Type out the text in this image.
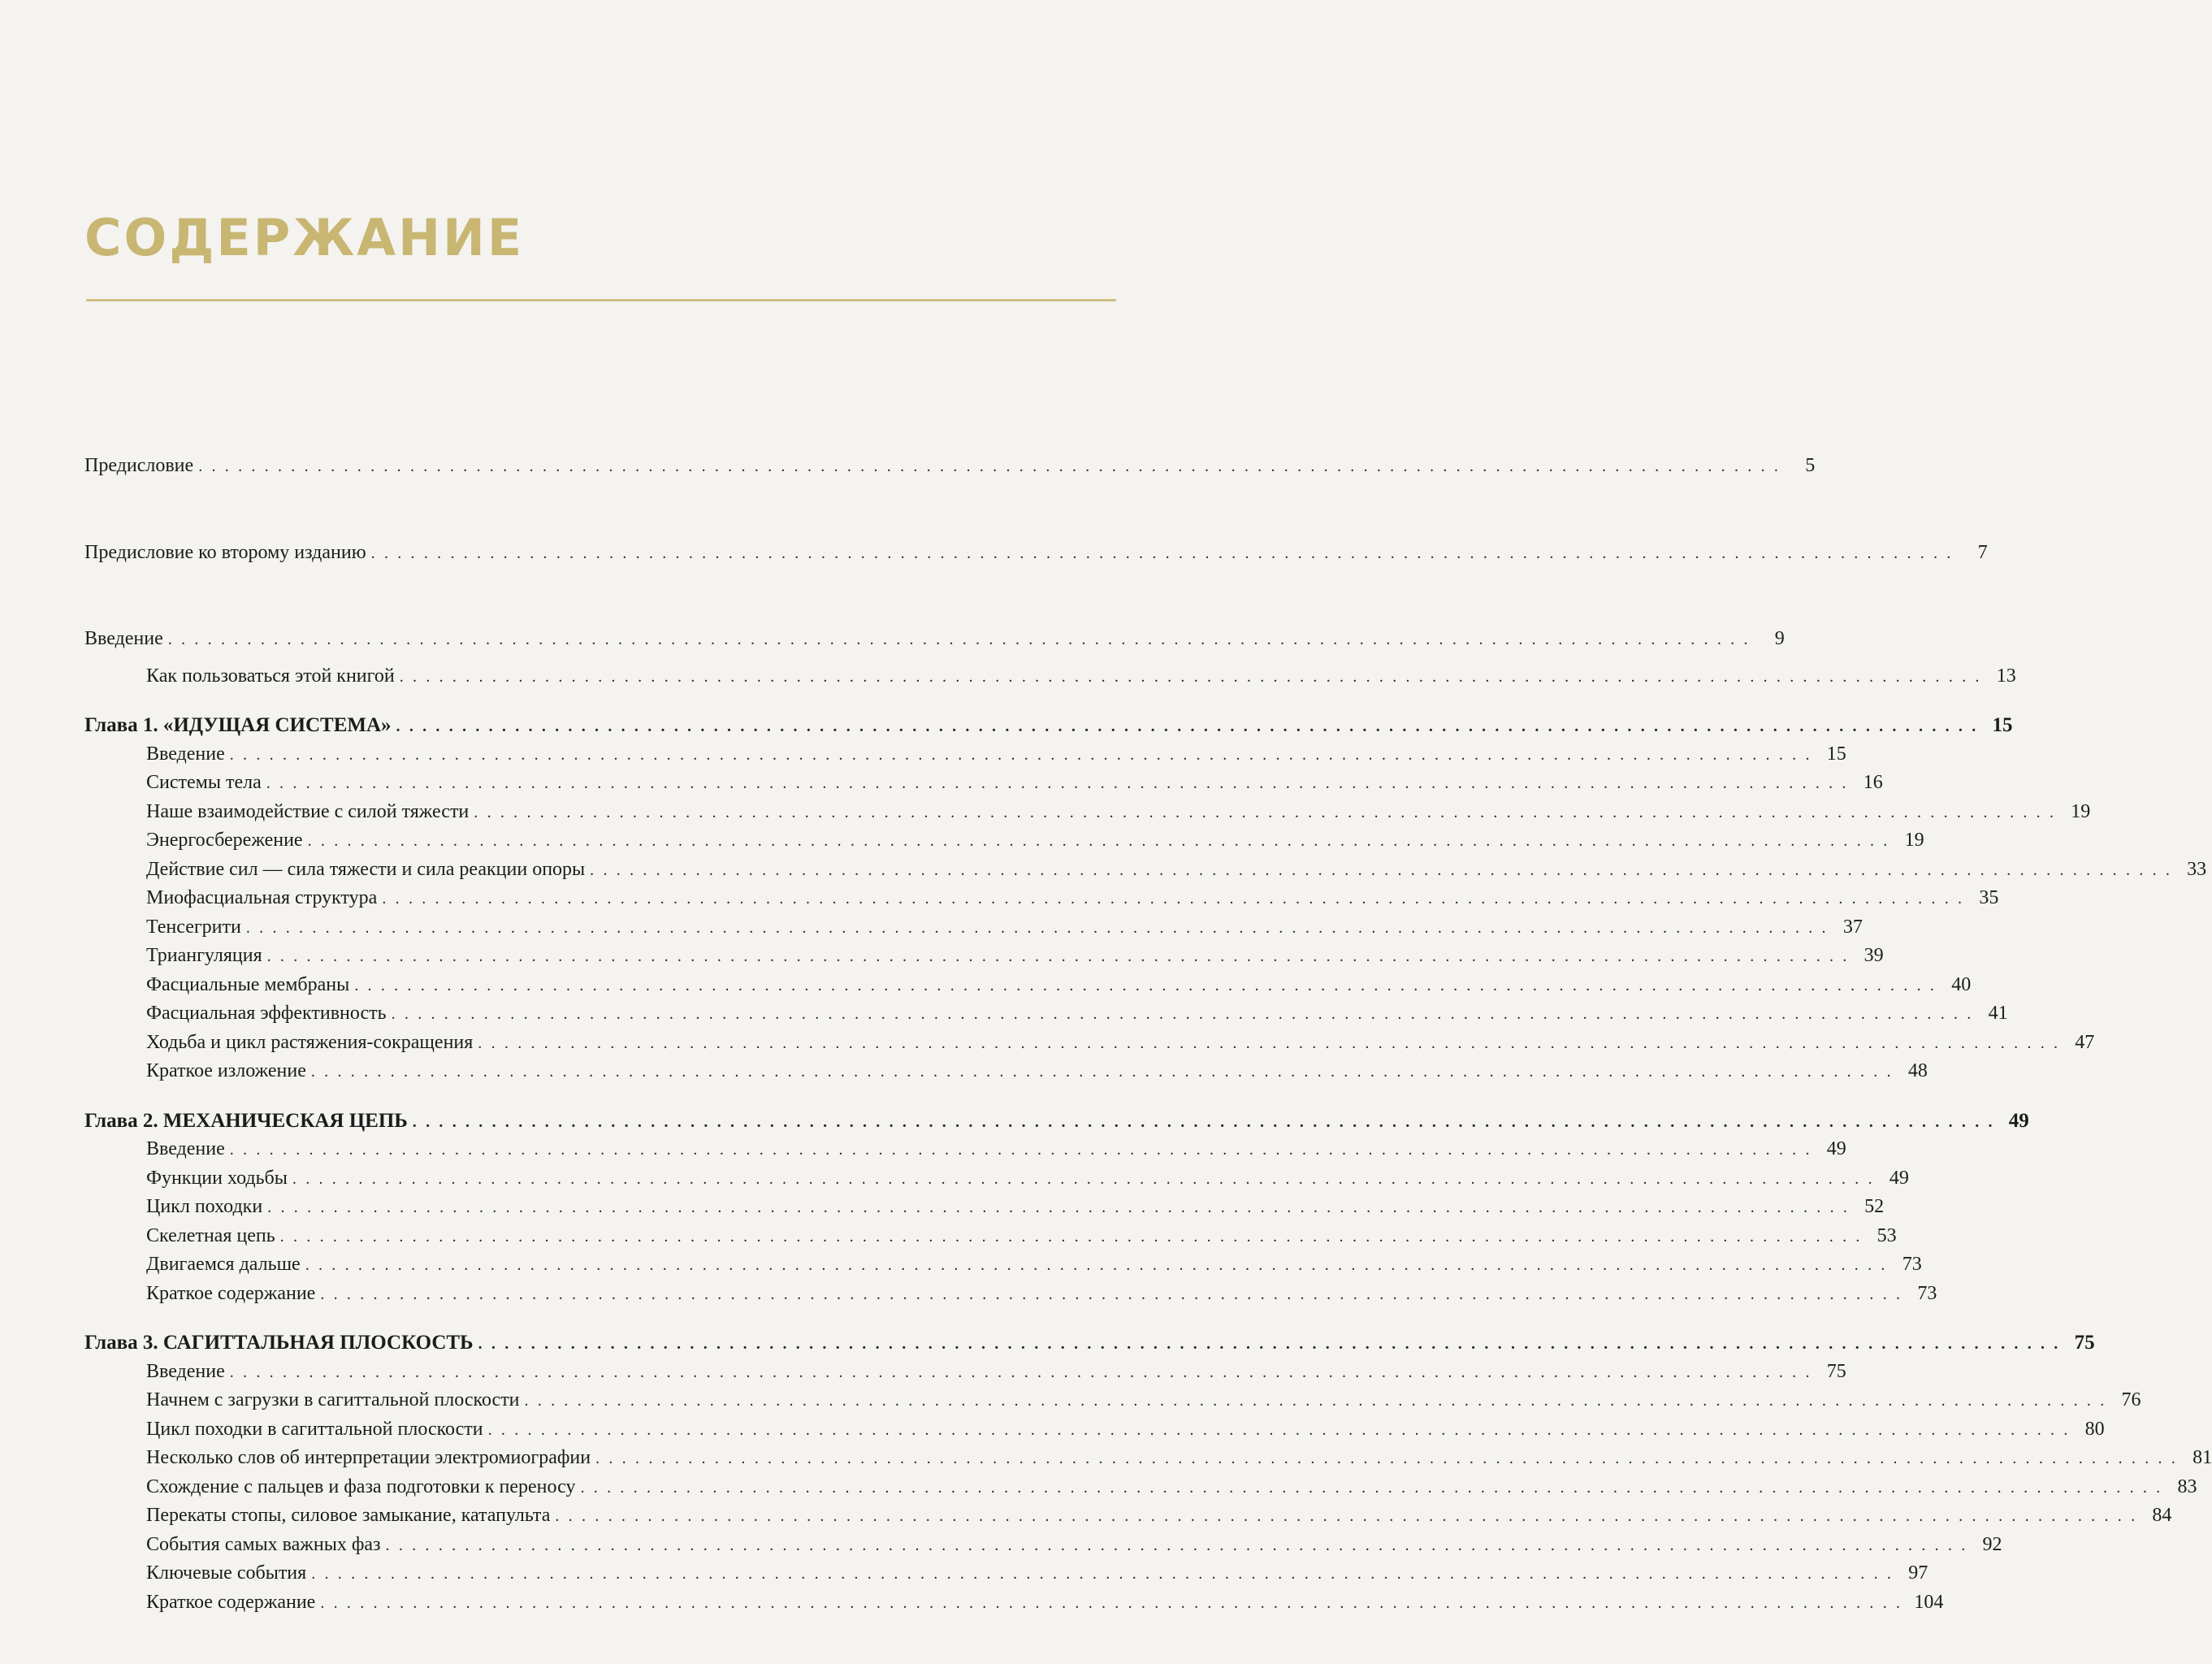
СОДЕРЖАНИЕ
Предисловие ........................................................................................................................ 5
Предисловие ко второму изданию ........................................................................................................................ 7
Введение ........................................................................................................................ 9
Как пользоваться этой книгой ........................................................................................................................ 13
Глава 1. «ИДУЩАЯ СИСТЕМА» ........................................................................................................................ 15
Введение ........................................................................................................................ 15
Системы тела ........................................................................................................................ 16
Наше взаимодействие с силой тяжести ........................................................................................................................ 19
Энергосбережение ........................................................................................................................ 19
Действие сил — сила тяжести и сила реакции опоры ........................................................................................................................ 33
Миофасциальная структура ........................................................................................................................ 35
Тенсегрити ........................................................................................................................ 37
Триангуляция ........................................................................................................................ 39
Фасциальные мембраны ........................................................................................................................ 40
Фасциальная эффективность ........................................................................................................................ 41
Ходьба и цикл растяжения-сокращения ........................................................................................................................ 47
Краткое изложение ........................................................................................................................ 48
Глава 2. МЕХАНИЧЕСКАЯ ЦЕПЬ ........................................................................................................................ 49
Введение ........................................................................................................................ 49
Функции ходьбы ........................................................................................................................ 49
Цикл походки ........................................................................................................................ 52
Скелетная цепь ........................................................................................................................ 53
Двигаемся дальше ........................................................................................................................ 73
Краткое содержание ........................................................................................................................ 73
Глава 3. САГИТТАЛЬНАЯ ПЛОСКОСТЬ ........................................................................................................................ 75
Введение ........................................................................................................................ 75
Начнем с загрузки в сагиттальной плоскости ........................................................................................................................ 76
Цикл походки в сагиттальной плоскости ........................................................................................................................ 80
Несколько слов об интерпретации электромиографии ........................................................................................................................ 81
Схождение с пальцев и фаза подготовки к переносу ........................................................................................................................ 83
Перекаты стопы, силовое замыкание, катапульта ........................................................................................................................ 84
События самых важных фаз ........................................................................................................................ 92
Ключевые события ........................................................................................................................ 97
Краткое содержание ........................................................................................................................ 104
